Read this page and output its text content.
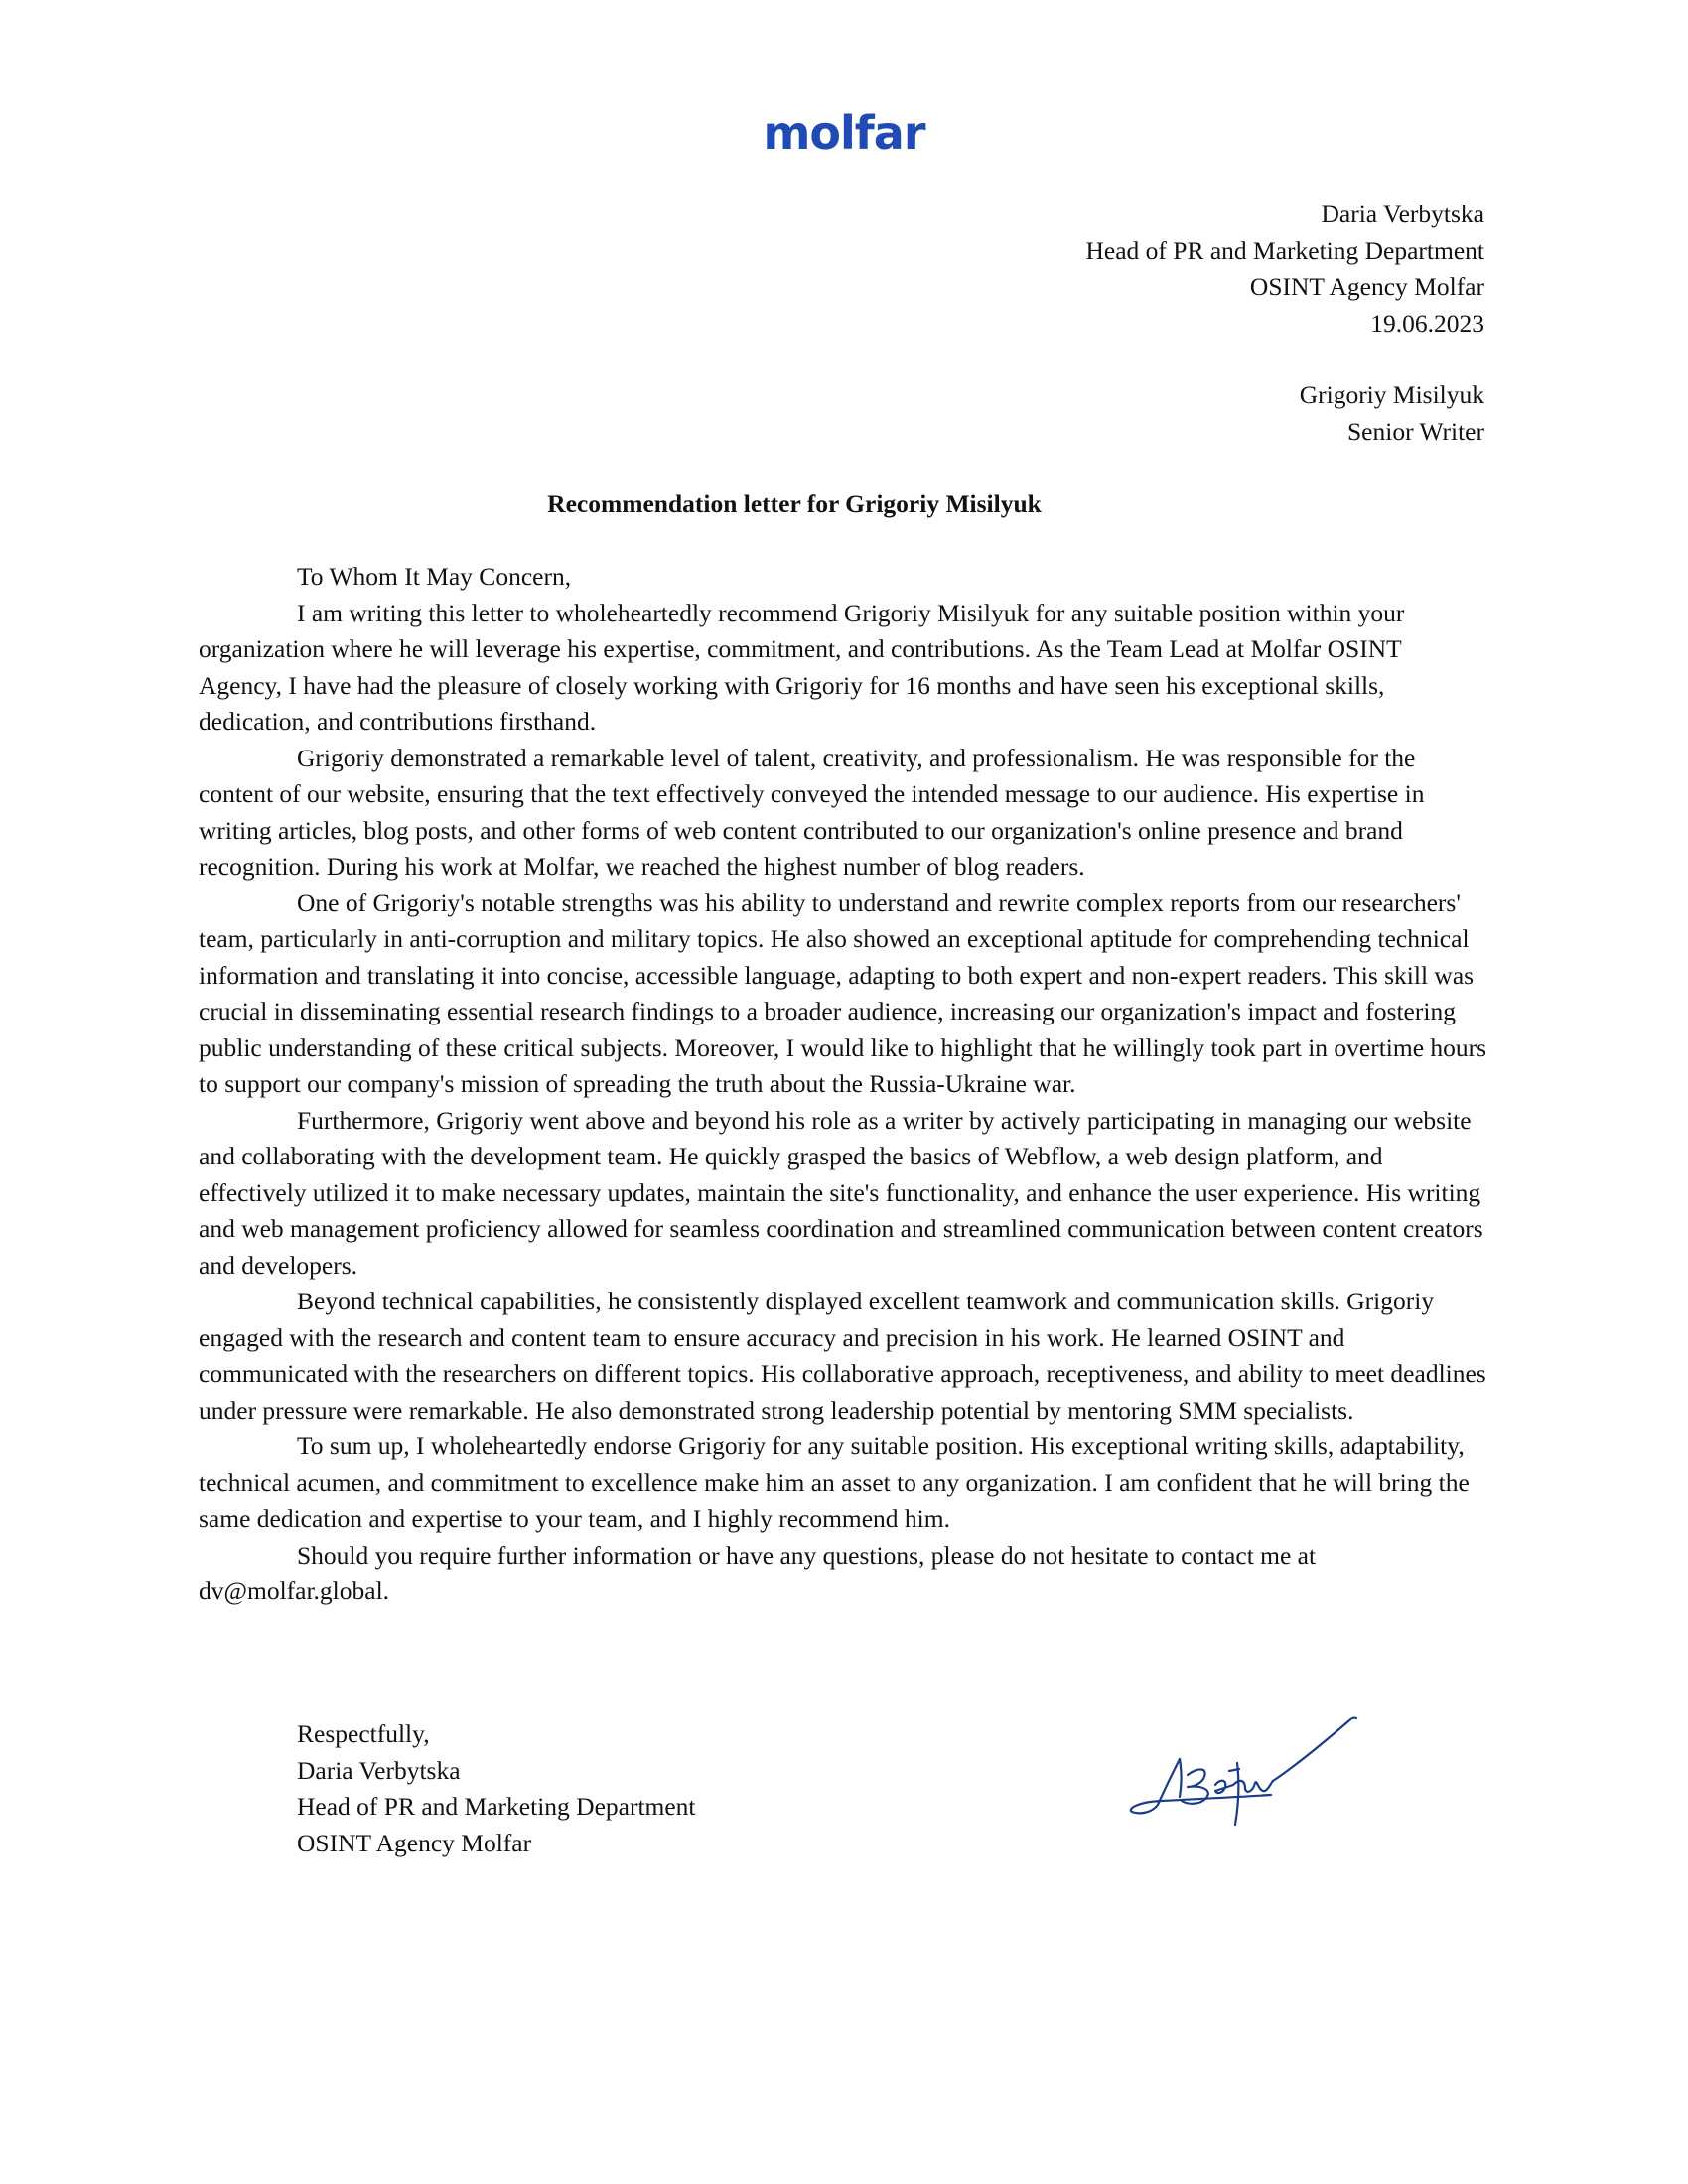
molfar
Daria Verbytska
Head of PR and Marketing Department
OSINT Agency Molfar
19.06.2023
Grigoriy Misilyuk
Senior Writer
Recommendation letter for Grigoriy Misilyuk

To Whom It May Concern,

I am writing this letter to wholeheartedly recommend Grigoriy Misilyuk for any suitable position within your organization where he will leverage his expertise, commitment, and contributions. As the Team Lead at Molfar OSINT Agency, I have had the pleasure of closely working with Grigoriy for 16 months and have seen his exceptional skills, dedication, and contributions firsthand.

Grigoriy demonstrated a remarkable level of talent, creativity, and professionalism. He was responsible for the content of our website, ensuring that the text effectively conveyed the intended message to our audience. His expertise in writing articles, blog posts, and other forms of web content contributed to our organization's online presence and brand recognition. During his work at Molfar, we reached the highest number of blog readers.

One of Grigoriy's notable strengths was his ability to understand and rewrite complex reports from our researchers' team, particularly in anti-corruption and military topics. He also showed an exceptional aptitude for comprehending technical information and translating it into concise, accessible language, adapting to both expert and non-expert readers. This skill was crucial in disseminating essential research findings to a broader audience, increasing our organization's impact and fostering public understanding of these critical subjects. Moreover, I would like to highlight that he willingly took part in overtime hours to support our company's mission of spreading the truth about the Russia-Ukraine war.

Furthermore, Grigoriy went above and beyond his role as a writer by actively participating in managing our website and collaborating with the development team. He quickly grasped the basics of Webflow, a web design platform, and effectively utilized it to make necessary updates, maintain the site's functionality, and enhance the user experience. His writing and web management proficiency allowed for seamless coordination and streamlined communication between content creators and developers.

Beyond technical capabilities, he consistently displayed excellent teamwork and communication skills. Grigoriy engaged with the research and content team to ensure accuracy and precision in his work. He learned OSINT and communicated with the researchers on different topics. His collaborative approach, receptiveness, and ability to meet deadlines under pressure were remarkable. He also demonstrated strong leadership potential by mentoring SMM specialists.

To sum up, I wholeheartedly endorse Grigoriy for any suitable position. His exceptional writing skills, adaptability, technical acumen, and commitment to excellence make him an asset to any organization. I am confident that he will bring the same dedication and expertise to your team, and I highly recommend him.

Should you require further information or have any questions, please do not hesitate to contact me at dv@molfar.global.

Respectfully,
Daria Verbytska
Head of PR and Marketing Department
OSINT Agency Molfar
